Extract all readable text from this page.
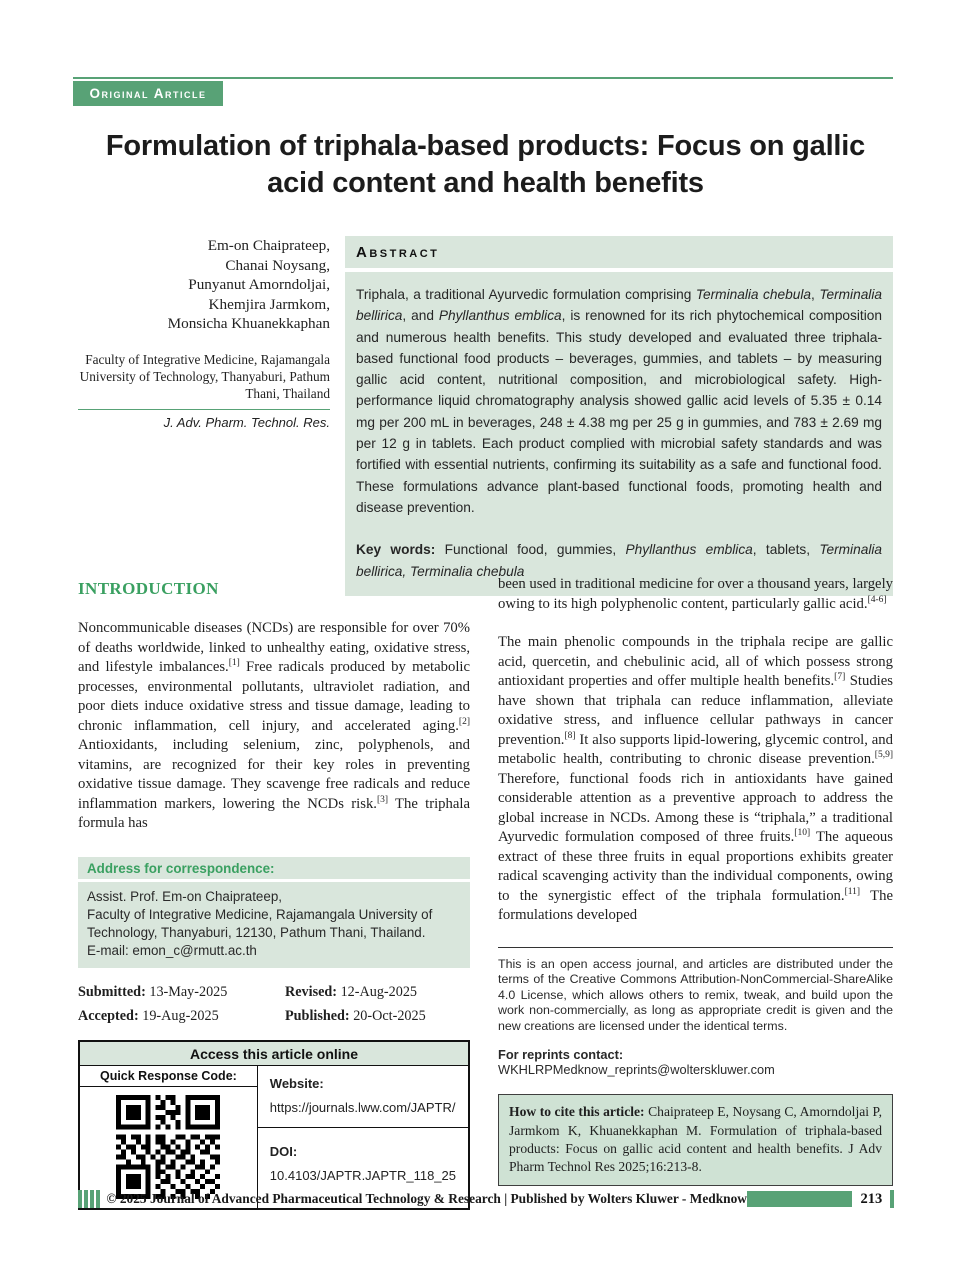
Original Article
Formulation of triphala-based products: Focus on gallic acid content and health benefits
Em-on Chaiprateep,
Chanai Noysang,
Punyanut Amorndoljai,
Khemjira Jarmkom,
Monsicha Khuanekkaphan
Faculty of Integrative Medicine, Rajamangala University of Technology, Thanyaburi, Pathum Thani, Thailand
J. Adv. Pharm. Technol. Res.
Abstract
Triphala, a traditional Ayurvedic formulation comprising Terminalia chebula, Terminalia bellirica, and Phyllanthus emblica, is renowned for its rich phytochemical composition and numerous health benefits. This study developed and evaluated three triphala-based functional food products – beverages, gummies, and tablets – by measuring gallic acid content, nutritional composition, and microbiological safety. High-performance liquid chromatography analysis showed gallic acid levels of 5.35 ± 0.14 mg per 200 mL in beverages, 248 ± 4.38 mg per 25 g in gummies, and 783 ± 2.69 mg per 12 g in tablets. Each product complied with microbial safety standards and was fortified with essential nutrients, confirming its suitability as a safe and functional food. These formulations advance plant-based functional foods, promoting health and disease prevention.
Key words: Functional food, gummies, Phyllanthus emblica, tablets, Terminalia bellirica, Terminalia chebula
INTRODUCTION

Noncommunicable diseases (NCDs) are responsible for over 70% of deaths worldwide, linked to unhealthy eating, oxidative stress, and lifestyle imbalances.[1] Free radicals produced by metabolic processes, environmental pollutants, ultraviolet radiation, and poor diets induce oxidative stress and tissue damage, leading to chronic inflammation, cell injury, and accelerated aging.[2] Antioxidants, including selenium, zinc, polyphenols, and vitamins, are recognized for their key roles in preventing oxidative tissue damage. They scavenge free radicals and reduce inflammation markers, lowering the NCDs risk.[3] The triphala formula has

Address for correspondence:
Assist. Prof. Em-on Chaiprateep,
Faculty of Integrative Medicine, Rajamangala University of Technology, Thanyaburi, 12130, Pathum Thani, Thailand.
E-mail: emon_c@rmutt.ac.th
Submitted: 13-May-2025	Revised: 12-Aug-2025
Accepted: 19-Aug-2025	Published: 20-Oct-2025
Access this article online
Quick Response Code:	Website:
https://journals.lww.com/JAPTR/
DOI:
10.4103/JAPTR.JAPTR_118_25

been used in traditional medicine for over a thousand years, largely owing to its high polyphenolic content, particularly gallic acid.[4-6]

The main phenolic compounds in the triphala recipe are gallic acid, quercetin, and chebulinic acid, all of which possess strong antioxidant properties and offer multiple health benefits.[7] Studies have shown that triphala can reduce inflammation, alleviate oxidative stress, and influence cellular pathways in cancer prevention.[8] It also supports lipid-lowering, glycemic control, and metabolic health, contributing to chronic disease prevention.[5,9] Therefore, functional foods rich in antioxidants have gained considerable attention as a preventive approach to address the global increase in NCDs. Among these is “triphala,” a traditional Ayurvedic formulation composed of three fruits.[10] The aqueous extract of these three fruits in equal proportions exhibits greater radical scavenging activity than the individual components, owing to the synergistic effect of the triphala formulation.[11] The formulations developed

This is an open access journal, and articles are distributed under the terms of the Creative Commons Attribution-NonCommercial-ShareAlike 4.0 License, which allows others to remix, tweak, and build upon the work non-commercially, as long as appropriate credit is given and the new creations are licensed under the identical terms.

For reprints contact: WKHLRPMedknow_reprints@wolterskluwer.com

How to cite this article: Chaiprateep E, Noysang C, Amorndoljai P, Jarmkom K, Khuanekkaphan M. Formulation of triphala-based products: Focus on gallic acid content and health benefits. J Adv Pharm Technol Res 2025;16:213-8.
© 2025 Journal of Advanced Pharmaceutical Technology & Research | Published by Wolters Kluwer - Medknow	213
